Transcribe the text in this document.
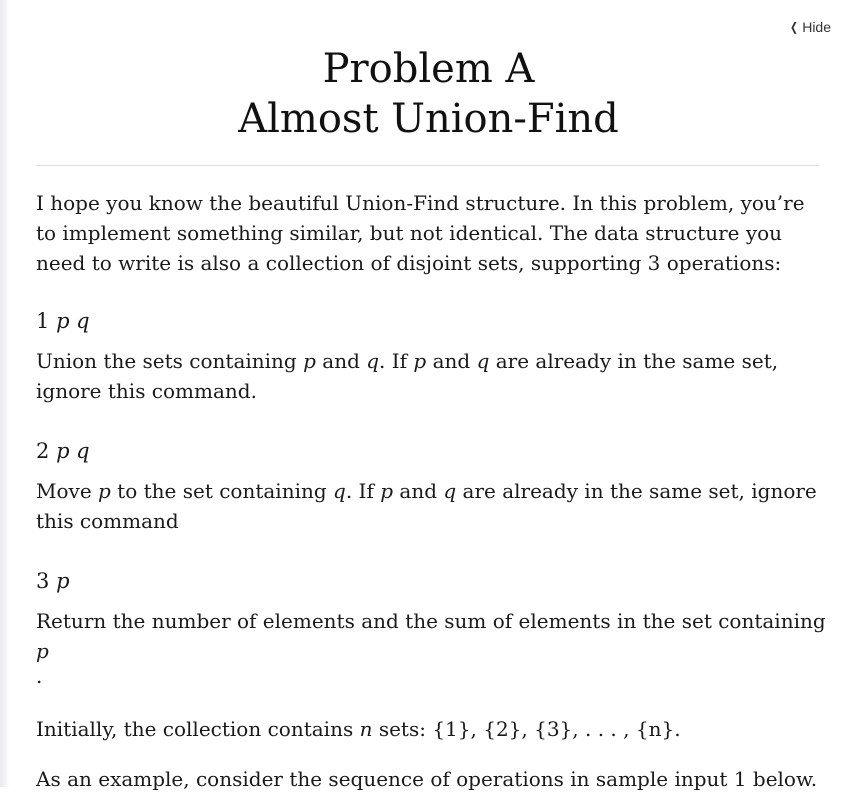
❮ Hide
Problem A
Almost Union-Find

I hope you know the beautiful Union-Find structure. In this problem, you’re to implement something similar, but not identical. The data structure you need to write is also a collection of disjoint sets, supporting 3 operations:

1 p q

Union the sets containing p and q. If p and q are already in the same set, ignore this command.

2 p q

Move p to the set containing q. If p and q are already in the same set, ignore this command

3 p

Return the number of elements and the sum of elements in the set containing p

.

Initially, the collection contains n sets: {1}, {2}, {3}, . . . , {n}.

As an example, consider the sequence of operations in sample input 1 below.
